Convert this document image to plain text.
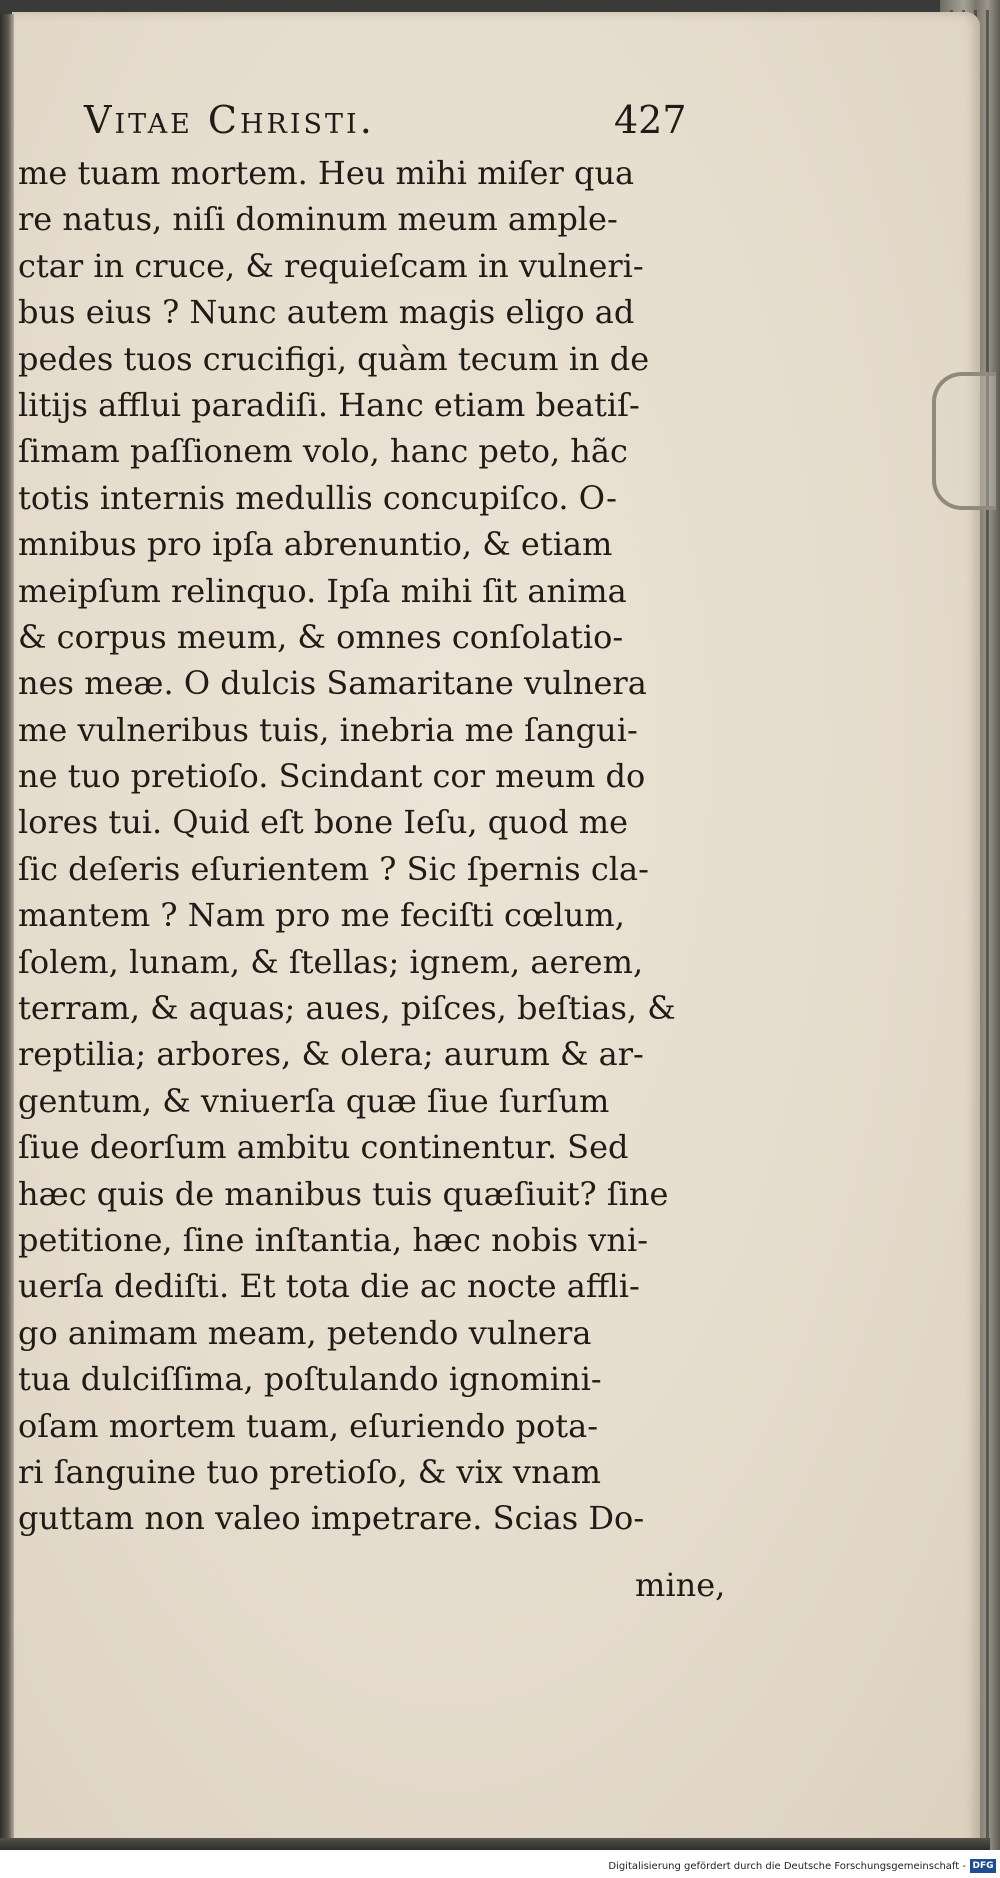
Vitae Christi.	427
me tuam mortem. Heu mihi miſer qua
re natus, niſi dominum meum ample-
ctar in cruce, & requieſcam in vulneri-
bus eius ? Nunc autem magis eligo ad
pedes tuos crucifigi, quàm tecum in de
litijs afflui paradiſi. Hanc etiam beatiſ-
ſimam paſſionem volo, hanc peto, hãc
totis internis medullis concupiſco. O-
mnibus pro ipſa abrenuntio, & etiam
meipſum relinquo. Ipſa mihi ſit anima
& corpus meum, & omnes conſolatio-
nes meæ. O dulcis Samaritane vulnera
me vulneribus tuis, inebria me ſangui-
ne tuo pretioſo. Scindant cor meum do
lores tui. Quid eſt bone Ieſu, quod me
ſic deſeris eſurientem ? Sic ſpernis cla-
mantem ? Nam pro me feciſti cœlum,
ſolem, lunam, & ſtellas; ignem, aerem,
terram, & aquas; aues, piſces, beſtias, &
reptilia; arbores, & olera; aurum & ar-
gentum, & vniuerſa quæ ſiue ſurſum
ſiue deorſum ambitu continentur. Sed
hæc quis de manibus tuis quæſiuit? ſine
petitione, ſine inſtantia, hæc nobis vni-
uerſa dediſti. Et tota die ac nocte affli-
go animam meam, petendo vulnera
tua dulciſſima, poſtulando ignomini-
oſam mortem tuam, eſuriendo pota-
ri ſanguine tuo pretioſo, & vix vnam
guttam non valeo impetrare. Scias Do-
mine,
Digitalisierung gefördert durch die Deutsche Forschungsgemeinschaft - DFG
